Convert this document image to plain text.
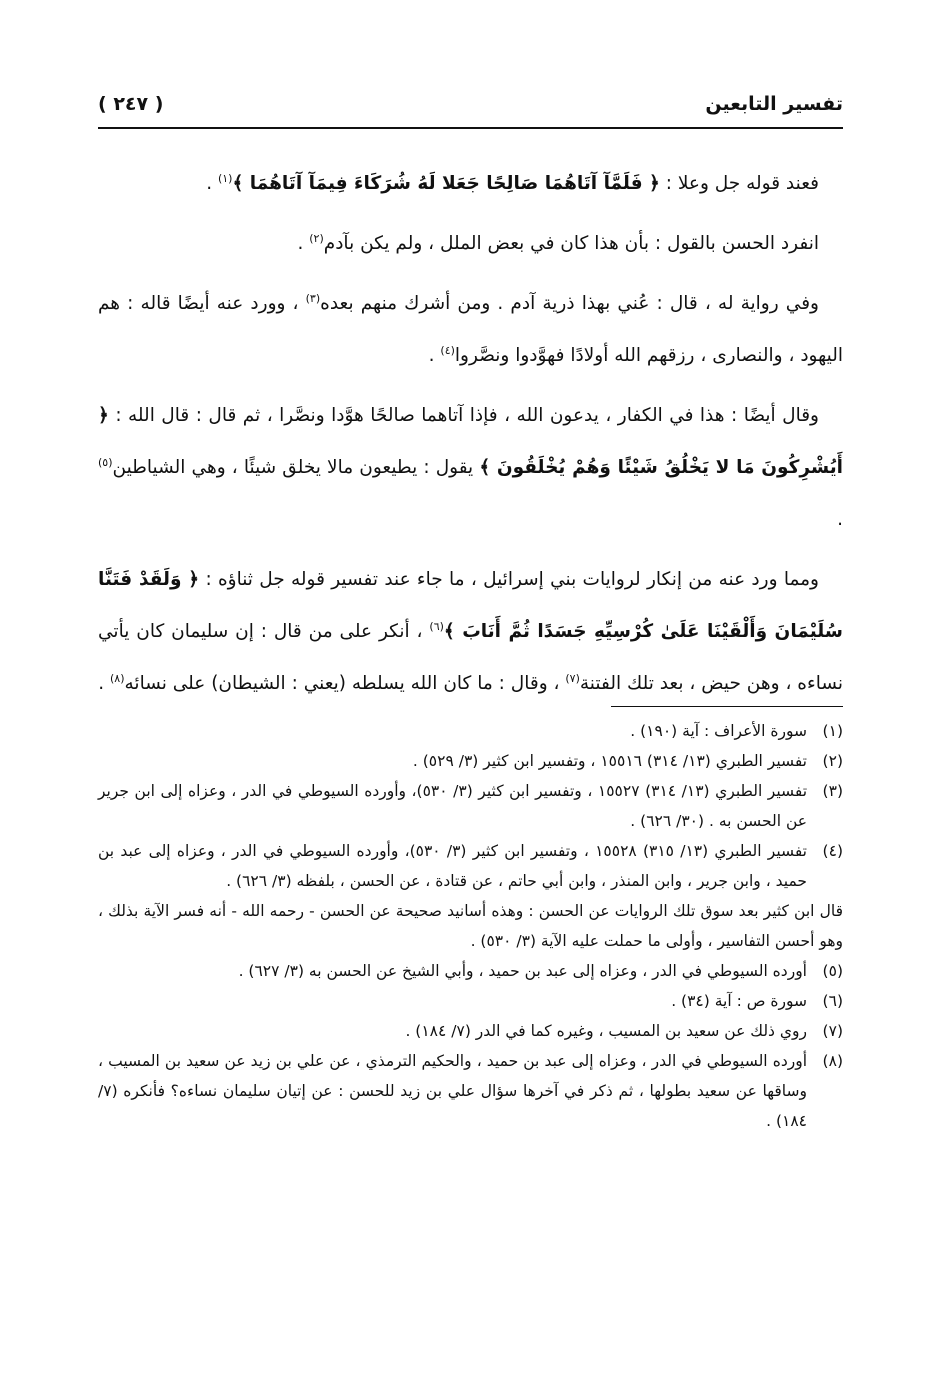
تفسير التابعين
( ٢٤٧ )

فعند قوله جل وعلا : ﴿ فَلَمَّآ آتَاهُمَا صَالِحًا جَعَلا لَهُ شُرَكَاءَ فِيمَآ آتَاهُمَا ﴾$^{(١)}$ .

انفرد الحسن بالقول : بأن هذا كان في بعض الملل ، ولم يكن بآدم$^{(٢)}$ .

وفي رواية له ، قال : عُني بهذا ذرية آدم . ومن أشرك منهم بعده$^{(٣)}$ ، وورد عنه أيضًا قاله : هم اليهود ، والنصارى ، رزقهم الله أولادًا فهوَّدوا ونصَّروا$^{(٤)}$ .

وقال أيضًا : هذا في الكفار ، يدعون الله ، فإذا آتاهما صالحًا هوَّدا ونصَّرا ، ثم قال : قال الله : ﴿ أَيُشْرِكُونَ مَا لا يَخْلُقُ شَيْئًا وَهُمْ يُخْلَقُونَ ﴾ يقول : يطيعون مالا يخلق شيئًا ، وهي الشياطين$^{(٥)}$ .

ومما ورد عنه من إنكار لروايات بني إسرائيل ، ما جاء عند تفسير قوله جل ثناؤه : ﴿ وَلَقَدْ فَتَنَّا سُلَيْمَانَ وَأَلْقَيْنَا عَلَىٰ كُرْسِيِّهِ جَسَدًا ثُمَّ أَنَابَ ﴾$^{(٦)}$ ، أنكر على من قال : إن سليمان كان يأتي نساءه ، وهن حيض ، بعد تلك الفتنة$^{(٧)}$ ، وقال : ما كان الله يسلطه (يعني : الشيطان) على نسائه$^{(٨)}$ .

(١)
سورة الأعراف : آية (١٩٠) .

(٢)
تفسير الطبري (١٣/ ٣١٤) ١٥٥١٦ ، وتفسير ابن كثير (٣/ ٥٢٩) .

(٣)
تفسير الطبري (١٣/ ٣١٤) ١٥٥٢٧ ، وتفسير ابن كثير (٣/ ٥٣٠)، وأورده السيوطي في الدر ، وعزاه إلى ابن جرير عن الحسن به . (٣٠/ ٦٢٦) .

(٤)
تفسير الطبري (١٣/ ٣١٥) ١٥٥٢٨ ، وتفسير ابن كثير (٣/ ٥٣٠)، وأورده السيوطي في الدر ، وعزاه إلى عبد بن حميد ، وابن جرير ، وابن المنذر ، وابن أبي حاتم ، عن قتادة ، عن الحسن ، بلفظه (٣/ ٦٢٦) .

قال ابن كثير بعد سوق تلك الروايات عن الحسن : وهذه أسانيد صحيحة عن الحسن - رحمه الله - أنه فسر الآية بذلك ، وهو أحسن التفاسير ، وأولى ما حملت عليه الآية (٣/ ٥٣٠) .

(٥)
أورده السيوطي في الدر ، وعزاه إلى عبد بن حميد ، وأبي الشيخ عن الحسن به (٣/ ٦٢٧) .

(٦)
سورة ص : آية (٣٤) .

(٧)
روي ذلك عن سعيد بن المسيب ، وغيره كما في الدر (٧/ ١٨٤) .

(٨)
أورده السيوطي في الدر ، وعزاه إلى عبد بن حميد ، والحكيم الترمذي ، عن علي بن زيد عن سعيد بن المسيب ، وساقها عن سعيد بطولها ، ثم ذكر في آخرها سؤال علي بن زيد للحسن : عن إتيان سليمان نساءه؟ فأنكره (٧/ ١٨٤) .
